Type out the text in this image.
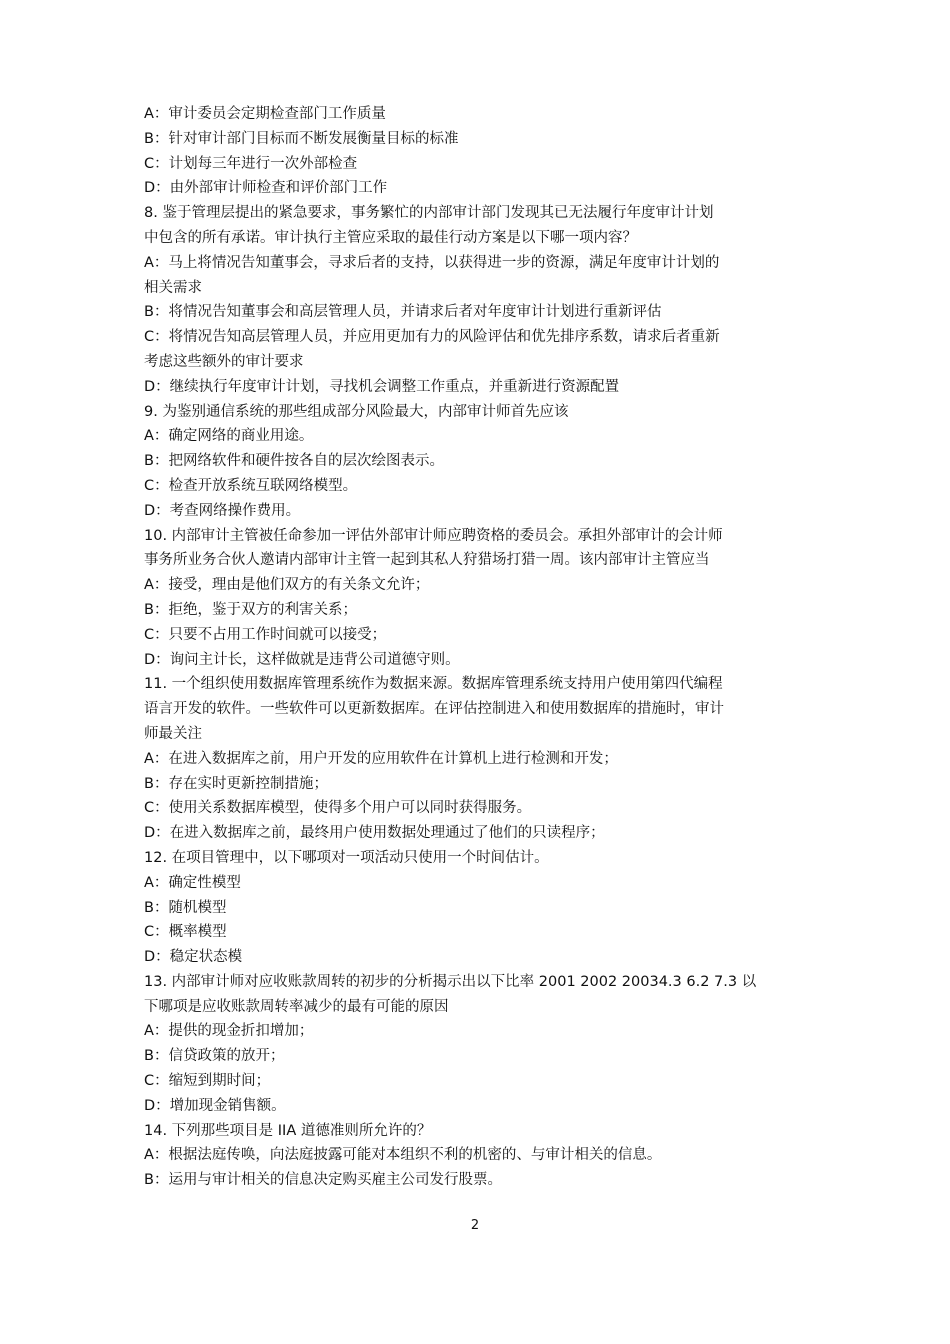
A：审计委员会定期检查部门工作质量
B：针对审计部门目标而不断发展衡量目标的标准
C：计划每三年进行一次外部检查
D：由外部审计师检查和评价部门工作
8. 鉴于管理层提出的紧急要求，事务繁忙的内部审计部门发现其已无法履行年度审计计划
中包含的所有承诺。审计执行主管应采取的最佳行动方案是以下哪一项内容？
A：马上将情况告知董事会，寻求后者的支持，以获得进一步的资源，满足年度审计计划的
相关需求
B：将情况告知董事会和高层管理人员，并请求后者对年度审计计划进行重新评估
C：将情况告知高层管理人员，并应用更加有力的风险评估和优先排序系数，请求后者重新
考虑这些额外的审计要求
D：继续执行年度审计计划，寻找机会调整工作重点，并重新进行资源配置
9. 为鉴别通信系统的那些组成部分风险最大，内部审计师首先应该
A：确定网络的商业用途。
B：把网络软件和硬件按各自的层次绘图表示。
C：检查开放系统互联网络模型。
D：考查网络操作费用。
10. 内部审计主管被任命参加一评估外部审计师应聘资格的委员会。承担外部审计的会计师
事务所业务合伙人邀请内部审计主管一起到其私人狩猎场打猎一周。该内部审计主管应当
A：接受，理由是他们双方的有关条文允许；
B：拒绝，鉴于双方的利害关系；
C：只要不占用工作时间就可以接受；
D：询问主计长，这样做就是违背公司道德守则。
11. 一个组织使用数据库管理系统作为数据来源。数据库管理系统支持用户使用第四代编程
语言开发的软件。一些软件可以更新数据库。在评估控制进入和使用数据库的措施时，审计
师最关注
A：在进入数据库之前，用户开发的应用软件在计算机上进行检测和开发；
B：存在实时更新控制措施；
C：使用关系数据库模型，使得多个用户可以同时获得服务。
D：在进入数据库之前，最终用户使用数据处理通过了他们的只读程序；
12. 在项目管理中，以下哪项对一项活动只使用一个时间估计。
A：确定性模型
B：随机模型
C：概率模型
D：稳定状态模
13. 内部审计师对应收账款周转的初步的分析揭示出以下比率 2001 2002 20034.3 6.2 7.3 以
下哪项是应收账款周转率减少的最有可能的原因
A：提供的现金折扣增加；
B：信贷政策的放开；
C：缩短到期时间；
D：增加现金销售额。
14. 下列那些项目是 IIA 道德准则所允许的？
A：根据法庭传唤，向法庭披露可能对本组织不利的机密的、与审计相关的信息。
B：运用与审计相关的信息决定购买雇主公司发行股票。
2
